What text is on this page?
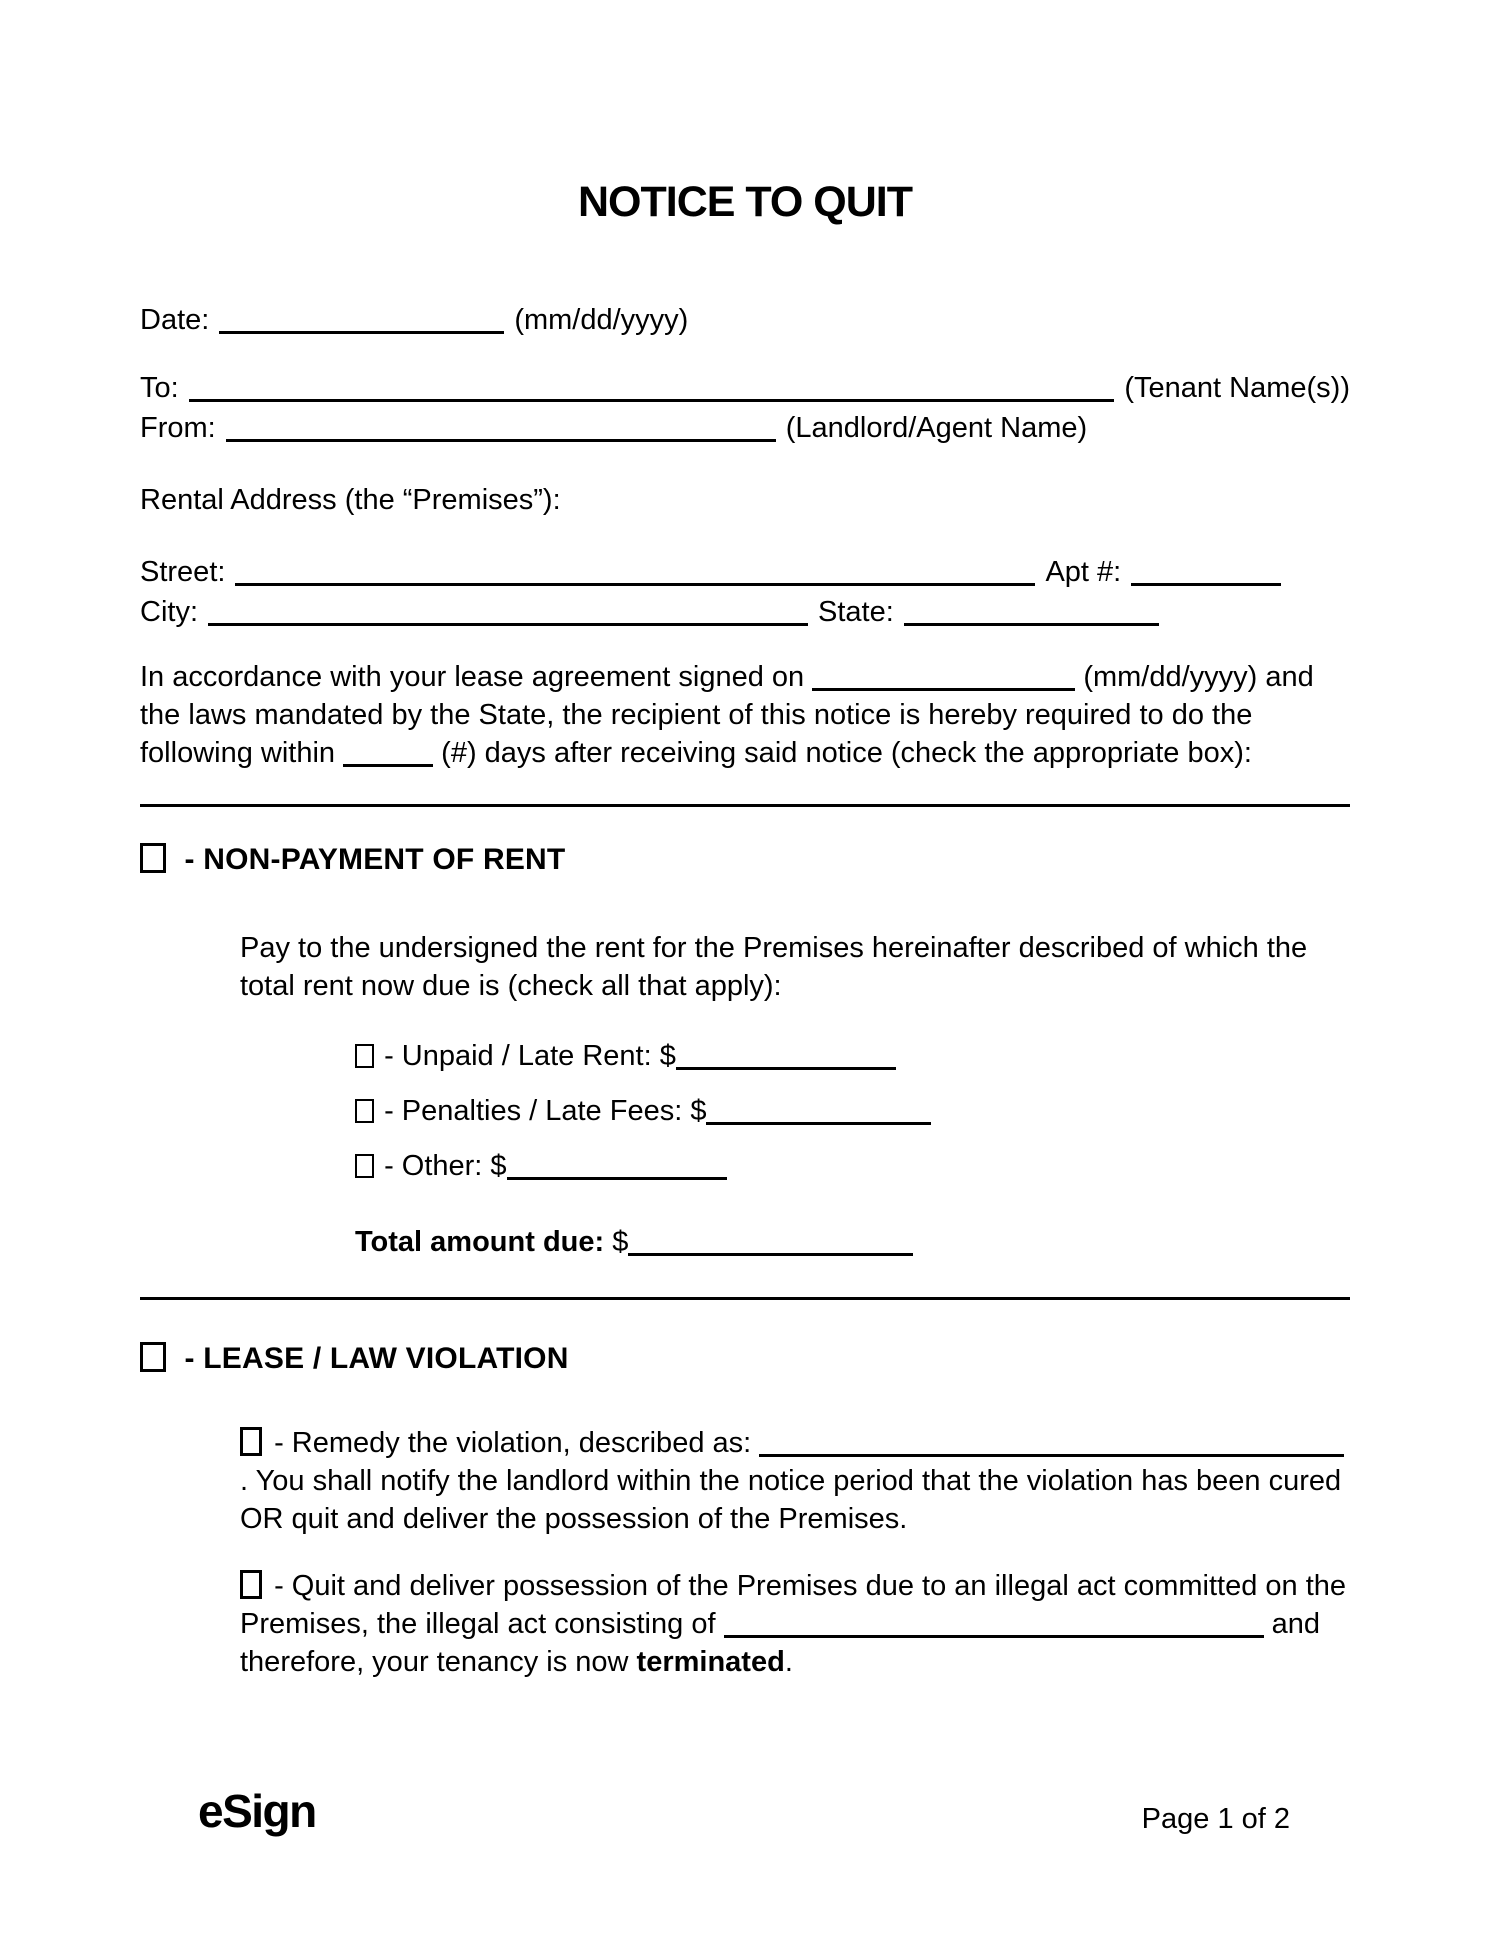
NOTICE TO QUIT
Date:	(mm/dd/yyyy)
To:	(Tenant Name(s))
From:	(Landlord/Agent Name)
Rental Address (the “Premises”):
Street:	Apt #:
City:	State:

In accordance with your lease agreement signed on	(mm/dd/yyyy) and the laws mandated by the State, the recipient of this notice is hereby required to do the following within	(#) days after receiving said notice (check the appropriate box):

- NON-PAYMENT OF RENT

Pay to the undersigned the rent for the Premises hereinafter described of which the total rent now due is (check all that apply):

- Unpaid / Late Rent: $
- Penalties / Late Fees: $
- Other: $
Total amount due: $
- LEASE / LAW VIOLATION

- Remedy the violation, described as: . You shall notify the landlord within the notice period that the violation has been cured OR quit and deliver the possession of the Premises.

- Quit and deliver possession of the Premises due to an illegal act committed on the Premises, the illegal act consisting of	and therefore, your tenancy is now terminated.

eSign	Page 1 of 2
